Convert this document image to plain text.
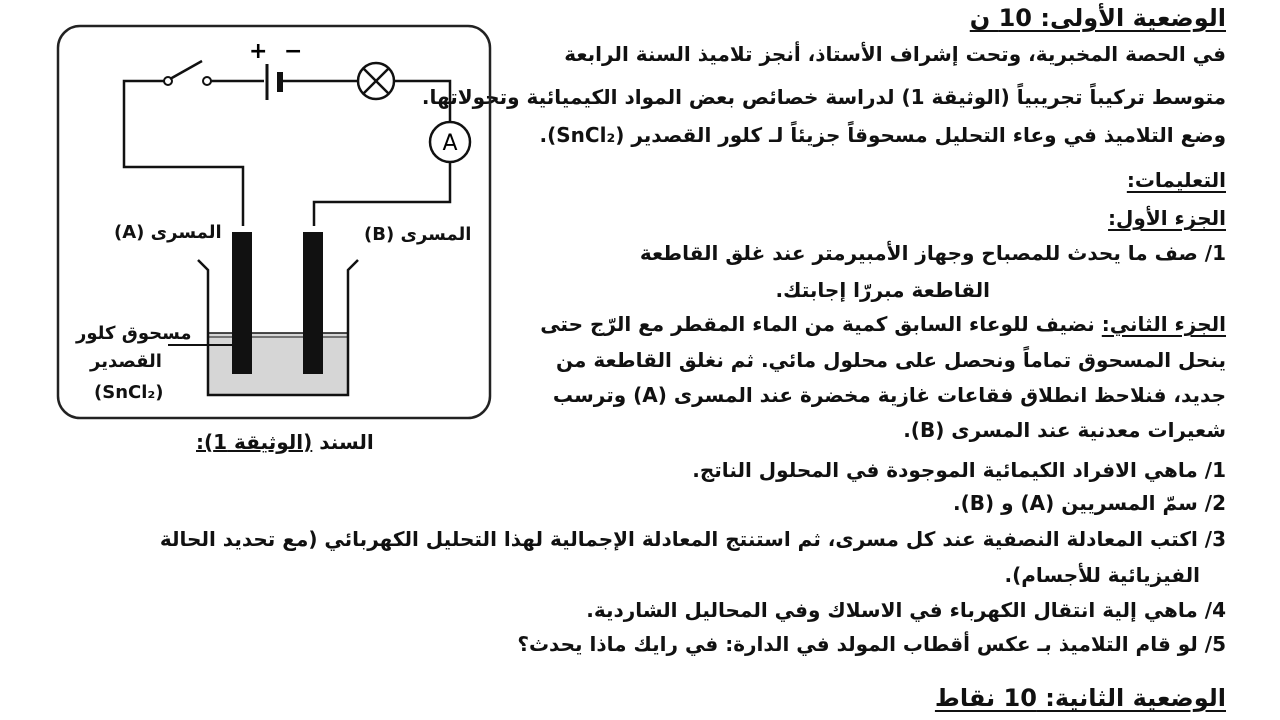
الوضعية الأولى: 10 ن
في الحصة المخبرية، وتحت إشراف الأستاذ، أنجز تلاميذ السنة الرابعة
متوسط تركيباً تجريبياً (الوثيقة 1) لدراسة خصائص بعض المواد الكيميائية وتحولاتها.
وضع التلاميذ في وعاء التحليل مسحوقاً جزيئاً لـ كلور القصدير (SnCl₂).
التعليمات:
الجزء الأول:
1/ صف ما يحدث للمصباح وجهاز الأمبيرمتر عند غلق القاطعة
القاطعة مبررّا إجابتك.
الجزء الثاني: نضيف للوعاء السابق كمية من الماء المقطر مع الرّج حتى
ينحل المسحوق تماماً ونحصل على محلول مائي. ثم نغلق القاطعة من
جديد، فنلاحظ انطلاق فقاعات غازية مخضرة عند المسرى (A) وترسب
شعيرات معدنية عند المسرى (B).
1/ ماهي الافراد الكيمائية الموجودة في المحلول الناتج.
2/ سمّ المسريين (A) و (B).
3/ اكتب المعادلة النصفية عند كل مسرى، ثم استنتج المعادلة الإجمالية لهذا التحليل الكهربائي (مع تحديد الحالة
الفيزيائية للأجسام).
4/ ماهي إلية انتقال الكهرباء في الاسلاك وفي المحاليل الشاردية.
5/ لو قام التلاميذ بـ عكس أقطاب المولد في الدارة: في رايك ماذا يحدث؟
الوضعية الثانية: 10 نقاط
+ −
A
المسرى (A)	المسرى (B)
مسحوق كلور
القصدير
(SnCl₂)
السند (الوثيقة 1):
